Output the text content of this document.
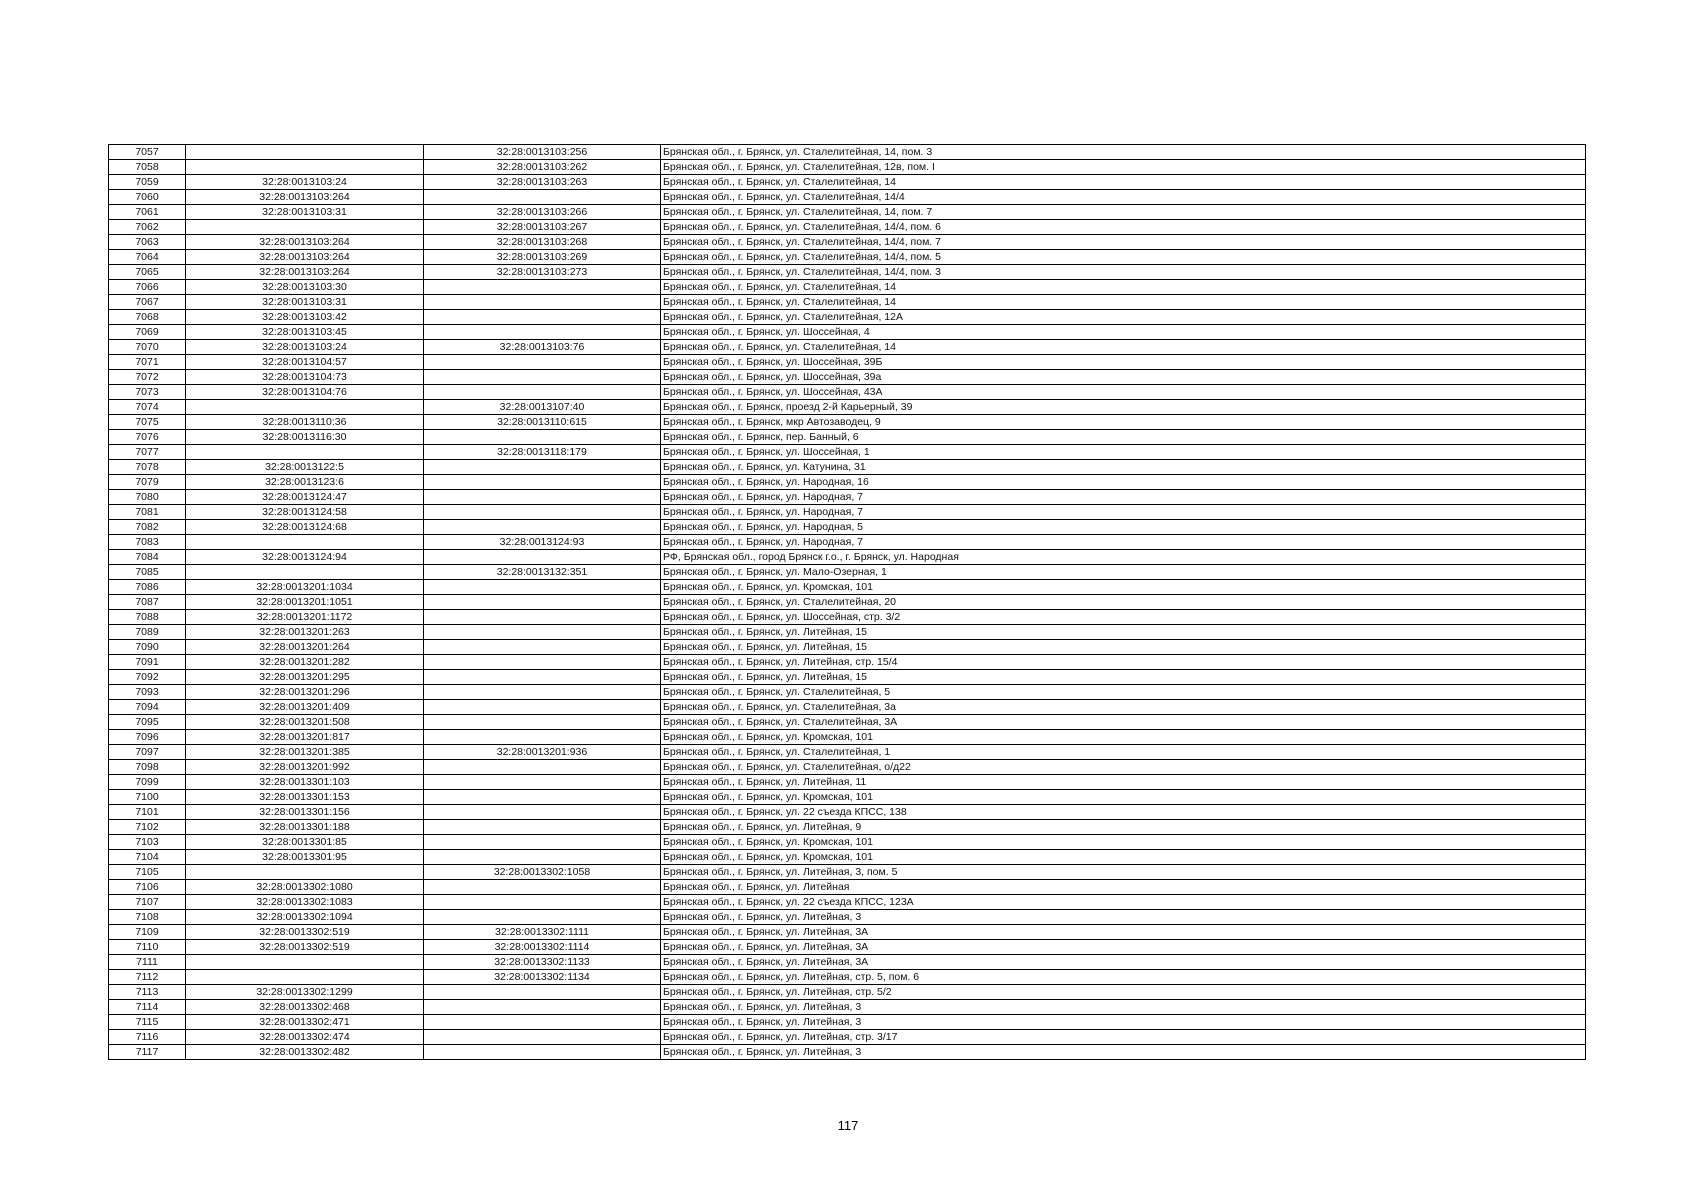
7057		32:28:0013103:256	Брянская обл., г. Брянск, ул. Сталелитейная, 14, пом. 3
7058		32:28:0013103:262	Брянская обл., г. Брянск, ул. Сталелитейная, 12в, пом. I
7059	32:28:0013103:24	32:28:0013103:263	Брянская обл., г. Брянск, ул. Сталелитейная, 14
7060	32:28:0013103:264		Брянская обл., г. Брянск, ул. Сталелитейная, 14/4
7061	32:28:0013103:31	32:28:0013103:266	Брянская обл., г. Брянск, ул. Сталелитейная, 14, пом. 7
7062		32:28:0013103:267	Брянская обл., г. Брянск, ул. Сталелитейная, 14/4, пом. 6
7063	32:28:0013103:264	32:28:0013103:268	Брянская обл., г. Брянск, ул. Сталелитейная, 14/4, пом. 7
7064	32:28:0013103:264	32:28:0013103:269	Брянская обл., г. Брянск, ул. Сталелитейная, 14/4, пом. 5
7065	32:28:0013103:264	32:28:0013103:273	Брянская обл., г. Брянск, ул. Сталелитейная, 14/4, пом. 3
7066	32:28:0013103:30		Брянская обл., г. Брянск, ул. Сталелитейная, 14
7067	32:28:0013103:31		Брянская обл., г. Брянск, ул. Сталелитейная, 14
7068	32:28:0013103:42		Брянская обл., г. Брянск, ул. Сталелитейная, 12А
7069	32:28:0013103:45		Брянская обл., г. Брянск, ул. Шоссейная, 4
7070	32:28:0013103:24	32:28:0013103:76	Брянская обл., г. Брянск, ул. Сталелитейная, 14
7071	32:28:0013104:57		Брянская обл., г. Брянск, ул. Шоссейная, 39Б
7072	32:28:0013104:73		Брянская обл., г. Брянск, ул. Шоссейная, 39а
7073	32:28:0013104:76		Брянская обл., г. Брянск, ул. Шоссейная, 43А
7074		32:28:0013107:40	Брянская обл., г. Брянск, проезд 2-й Карьерный, 39
7075	32:28:0013110:36	32:28:0013110:615	Брянская обл., г. Брянск, мкр Автозаводец, 9
7076	32:28:0013116:30		Брянская обл., г. Брянск, пер. Банный, 6
7077		32:28:0013118:179	Брянская обл., г. Брянск, ул. Шоссейная, 1
7078	32:28:0013122:5		Брянская обл., г. Брянск, ул. Катунина, 31
7079	32:28:0013123:6		Брянская обл., г. Брянск, ул. Народная, 16
7080	32:28:0013124:47		Брянская обл., г. Брянск, ул. Народная, 7
7081	32:28:0013124:58		Брянская обл., г. Брянск, ул. Народная, 7
7082	32:28:0013124:68		Брянская обл., г. Брянск, ул. Народная, 5
7083		32:28:0013124:93	Брянская обл., г. Брянск, ул. Народная, 7
7084	32:28:0013124:94		РФ, Брянская обл., город Брянск г.о., г. Брянск, ул. Народная
7085		32:28:0013132:351	Брянская обл., г. Брянск, ул. Мало-Озерная, 1
7086	32:28:0013201:1034		Брянская обл., г. Брянск, ул. Кромская, 101
7087	32:28:0013201:1051		Брянская обл., г. Брянск, ул. Сталелитейная, 20
7088	32:28:0013201:1172		Брянская обл., г. Брянск, ул. Шоссейная, стр. 3/2
7089	32:28:0013201:263		Брянская обл., г. Брянск, ул. Литейная, 15
7090	32:28:0013201:264		Брянская обл., г. Брянск, ул. Литейная, 15
7091	32:28:0013201:282		Брянская обл., г. Брянск, ул. Литейная, стр. 15/4
7092	32:28:0013201:295		Брянская обл., г. Брянск, ул. Литейная, 15
7093	32:28:0013201:296		Брянская обл., г. Брянск, ул. Сталелитейная, 5
7094	32:28:0013201:409		Брянская обл., г. Брянск, ул. Сталелитейная, 3а
7095	32:28:0013201:508		Брянская обл., г. Брянск, ул. Сталелитейная, 3А
7096	32:28:0013201:817		Брянская обл., г. Брянск, ул. Кромская, 101
7097	32:28:0013201:385	32:28:0013201:936	Брянская обл., г. Брянск, ул. Сталелитейная, 1
7098	32:28:0013201:992		Брянская обл., г. Брянск, ул. Сталелитейная, о/д22
7099	32:28:0013301:103		Брянская обл., г. Брянск, ул. Литейная, 11
7100	32:28:0013301:153		Брянская обл., г. Брянск, ул. Кромская, 101
7101	32:28:0013301:156		Брянская обл., г. Брянск, ул. 22 съезда КПСС, 138
7102	32:28:0013301:188		Брянская обл., г. Брянск, ул. Литейная, 9
7103	32:28:0013301:85		Брянская обл., г. Брянск, ул. Кромская, 101
7104	32:28:0013301:95		Брянская обл., г. Брянск, ул. Кромская, 101
7105		32:28:0013302:1058	Брянская обл., г. Брянск, ул. Литейная, 3, пом. 5
7106	32:28:0013302:1080		Брянская обл., г. Брянск, ул. Литейная
7107	32:28:0013302:1083		Брянская обл., г. Брянск, ул. 22 съезда КПСС, 123А
7108	32:28:0013302:1094		Брянская обл., г. Брянск, ул. Литейная, 3
7109	32:28:0013302:519	32:28:0013302:1111	Брянская обл., г. Брянск, ул. Литейная, 3А
7110	32:28:0013302:519	32:28:0013302:1114	Брянская обл., г. Брянск, ул. Литейная, 3А
7111		32:28:0013302:1133	Брянская обл., г. Брянск, ул. Литейная, 3А
7112		32:28:0013302:1134	Брянская обл., г. Брянск, ул. Литейная, стр. 5, пом. 6
7113	32:28:0013302:1299		Брянская обл., г. Брянск, ул. Литейная, стр. 5/2
7114	32:28:0013302:468		Брянская обл., г. Брянск, ул. Литейная, 3
7115	32:28:0013302:471		Брянская обл., г. Брянск, ул. Литейная, 3
7116	32:28:0013302:474		Брянская обл., г. Брянск, ул. Литейная, стр. 3/17
7117	32:28:0013302:482		Брянская обл., г. Брянск, ул. Литейная, 3
117
